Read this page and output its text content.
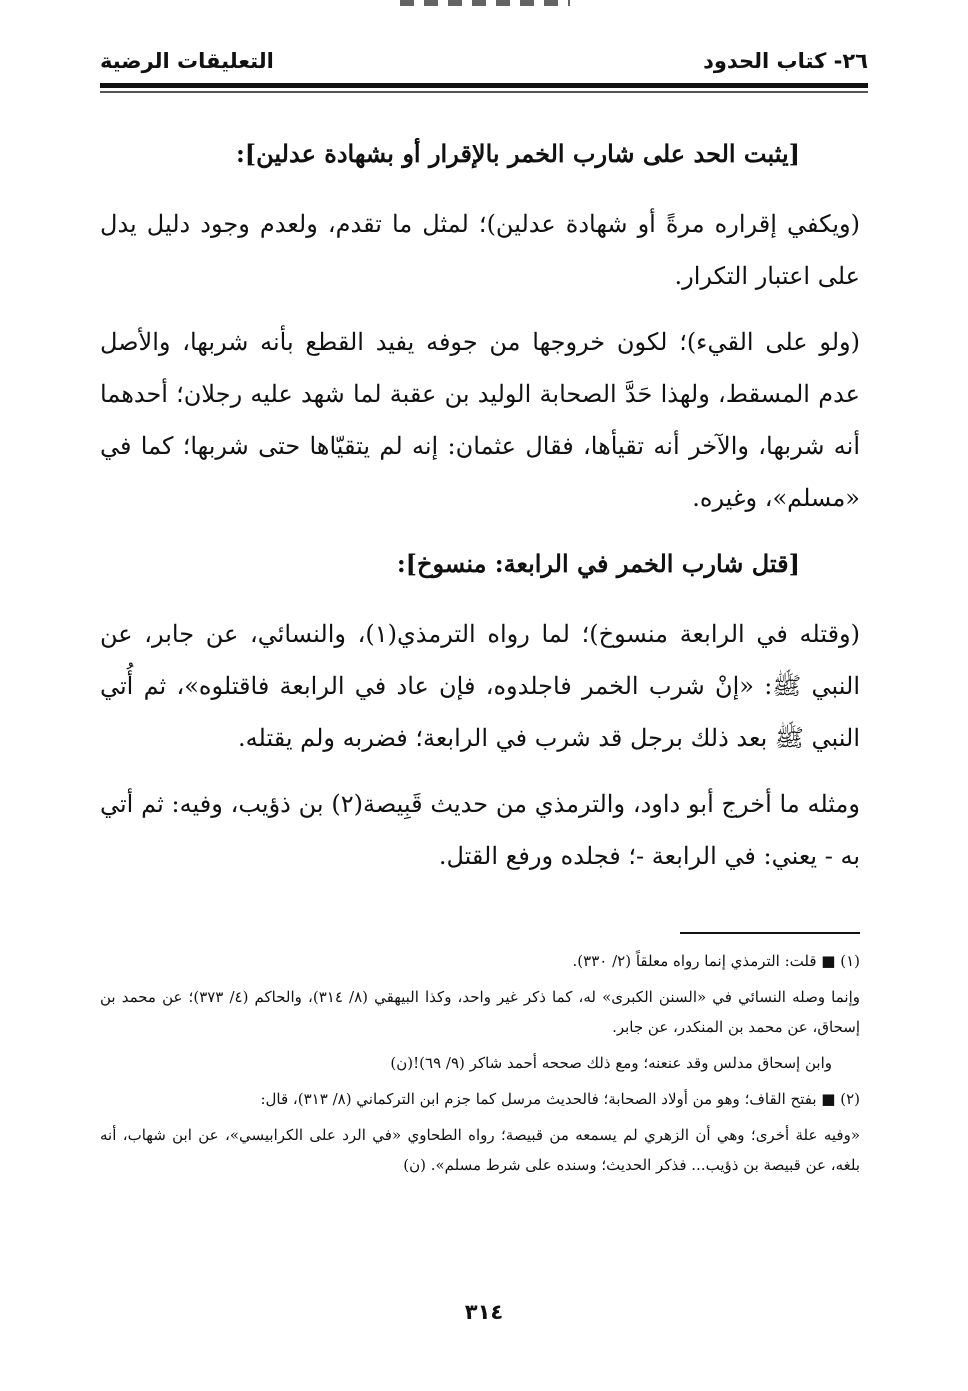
٢٦- كتاب الحدود
التعليقات الرضية

[يثبت الحد على شارب الخمر بالإقرار أو بشهادة عدلين]:

(ويكفي إقراره مرةً أو شهادة عدلين)؛ لمثل ما تقدم، ولعدم وجود دليل يدل على اعتبار التكرار.

(ولو على القيء)؛ لكون خروجها من جوفه يفيد القطع بأنه شربها، والأصل عدم المسقط، ولهذا حَدَّ الصحابة الوليد بن عقبة لما شهد عليه رجلان؛ أحدهما أنه شربها، والآخر أنه تقيأها، فقال عثمان: إنه لم يتقيّاها حتى شربها؛ كما في «مسلم»، وغيره.

[قتل شارب الخمر في الرابعة: منسوخ]:

(وقتله في الرابعة منسوخ)؛ لما رواه الترمذي(١)، والنسائي، عن جابر، عن النبي ﷺ: «إنْ شرب الخمر فاجلدوه، فإن عاد في الرابعة فاقتلوه»، ثم أُتي النبي ﷺ بعد ذلك برجل قد شرب في الرابعة؛ فضربه ولم يقتله.

ومثله ما أخرج أبو داود، والترمذي من حديث قَبِيصة(٢) بن ذؤيب، وفيه: ثم أتي به - يعني: في الرابعة -؛ فجلده ورفع القتل.

(١) ■ قلت: الترمذي إنما رواه معلقاً (٢/ ٣٣٠).

وإنما وصله النسائي في «السنن الكبرى» له، كما ذكر غير واحد، وكذا البيهقي (٨/ ٣١٤)، والحاكم (٤/ ٣٧٣)؛ عن محمد بن إسحاق، عن محمد بن المنكدر، عن جابر.

وابن إسحاق مدلس وقد عنعنه؛ ومع ذلك صححه أحمد شاكر (٩/ ٦٩)!(ن)

(٢) ■ بفتح القاف؛ وهو من أولاد الصحابة؛ فالحديث مرسل كما جزم ابن التركماني (٨/ ٣١٣)، قال:

«وفيه علة أخرى؛ وهي أن الزهري لم يسمعه من قبيصة؛ رواه الطحاوي «في الرد على الكرابيسي»، عن ابن شهاب، أنه بلغه، عن قبيصة بن ذؤيب... فذكر الحديث؛ وسنده على شرط مسلم». (ن)

٣١٤
